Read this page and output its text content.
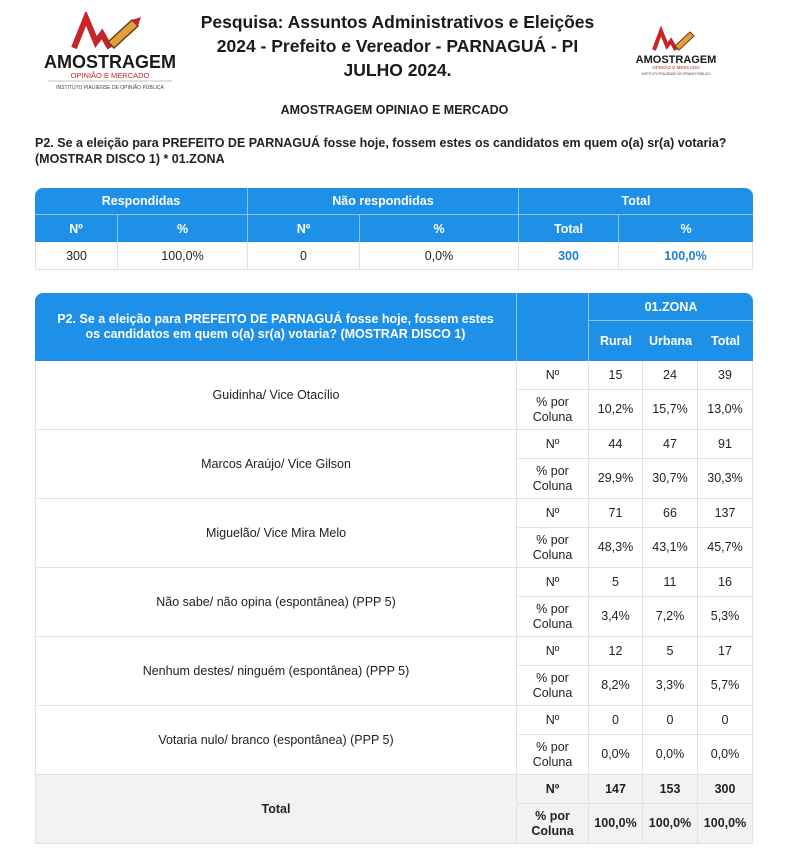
AMOSTRAGEM
OPINIÃO E MERCADO
INSTITUTO PIAUIENSE DE OPINIÃO PÚBLICA
Pesquisa: Assuntos Administrativos e Eleições
2024 - Prefeito e Vereador - PARNAGUÁ - PI
JULHO 2024.	AMOSTRAGEM
OPINIÃO E MERCADO
INSTITUTO PIAUIENSE DE OPINIÃO PÚBLICA
AMOSTRAGEM OPINIAO E MERCADO
P2. Se a eleição para PREFEITO DE PARNAGUÁ fosse hoje, fossem estes os candidatos em quem o(a) sr(a) votaria? (MOSTRAR DISCO 1) * 01.ZONA
Respondidas		Não respondidas		Total	
Nº	%	Nº	%	Total	%
300	100,0%	0	0,0%	300	100,0%
P2. Se a eleição para PREFEITO DE PARNAGUÁ fosse hoje, fossem estes os candidatos em quem o(a) sr(a) votaria? (MOSTRAR DISCO 1)		01.ZONA		
		Rural	Urbana	Total
Guidinha/ Vice Otacílio	Nº	15	24	39
	% por Coluna	10,2%	15,7%	13,0%
Marcos Araújo/ Vice Gilson	Nº	44	47	91
	% por Coluna	29,9%	30,7%	30,3%
Miguelão/ Vice Mira Melo	Nº	71	66	137
	% por Coluna	48,3%	43,1%	45,7%
Não sabe/ não opina (espontânea) (PPP 5)	Nº	5	11	16
	% por Coluna	3,4%	7,2%	5,3%
Nenhum destes/ ninguém (espontânea) (PPP 5)	Nº	12	5	17
	% por Coluna	8,2%	3,3%	5,7%
Votaria nulo/ branco (espontânea) (PPP 5)	Nº	0	0	0
	% por Coluna	0,0%	0,0%	0,0%
Total	Nº	147	153	300
	% por Coluna	100,0%	100,0%	100,0%
